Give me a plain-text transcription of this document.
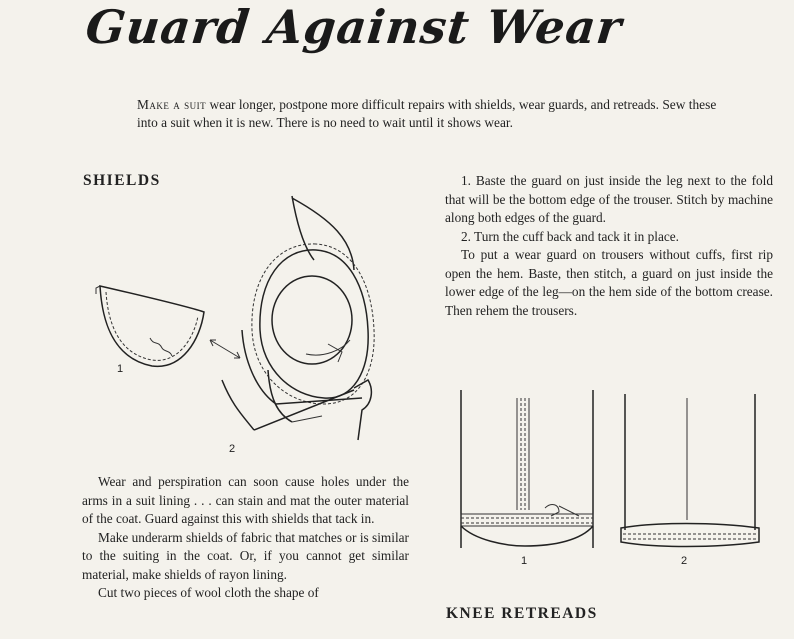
Guard Against Wear

Make a suit wear longer, postpone more difficult repairs with shields, wear guards, and retreads. Sew these into a suit when it is new. There is no need to wait until it shows wear.

SHIELDS
1
2

Wear and perspiration can soon cause holes under the arms in a suit lining . . . can stain and mat the outer material of the coat. Guard against this with shields that tack in.

Make underarm shields of fabric that matches or is similar to the suiting in the coat. Or, if you cannot get similar material, make shields of rayon lining.

Cut two pieces of wool cloth the shape of

1. Baste the guard on just inside the leg next to the fold that will be the bottom edge of the trouser. Stitch by machine along both edges of the guard.

2. Turn the cuff back and tack it in place.

To put a wear guard on trousers without cuffs, first rip open the hem. Baste, then stitch, a guard on just inside the lower edge of the leg—on the hem side of the bottom crease. Then rehem the trousers.

1	2
KNEE RETREADS
